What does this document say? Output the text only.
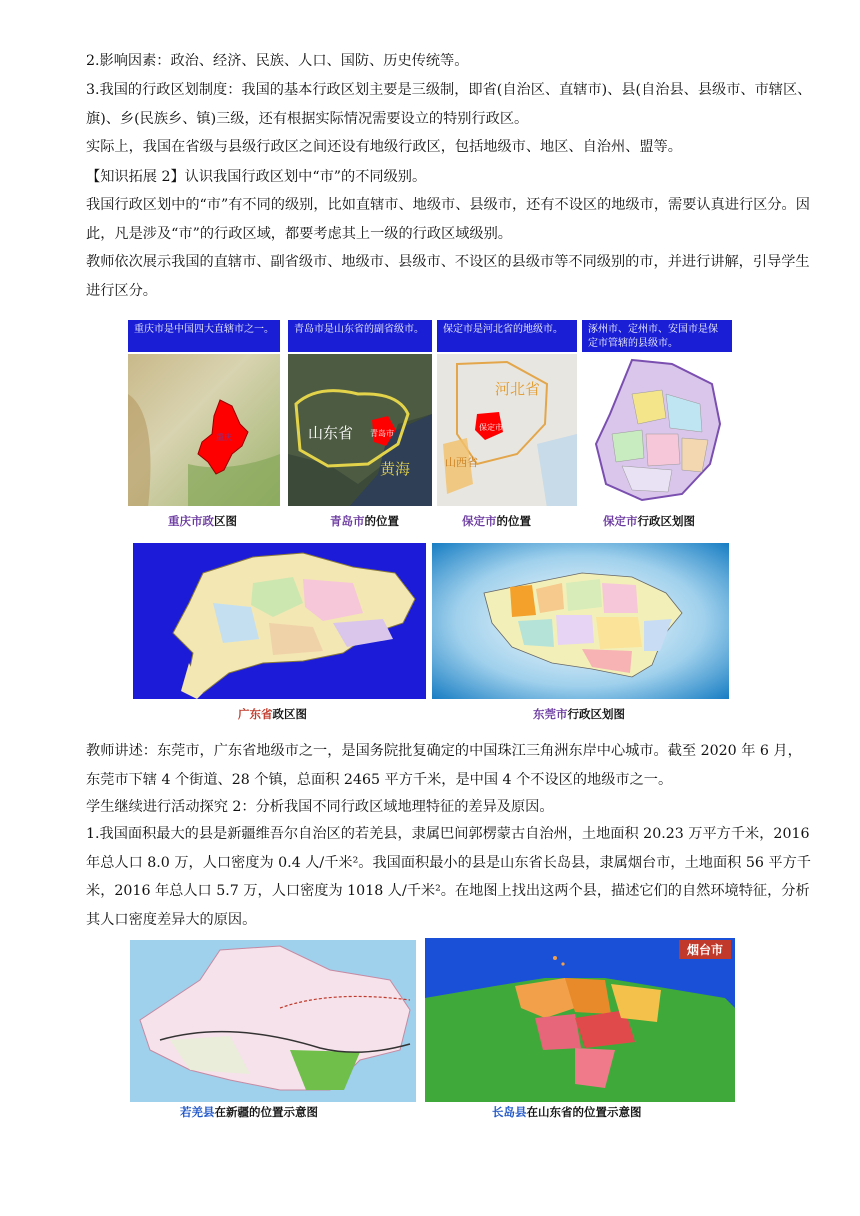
2.影响因素：政治、经济、民族、人口、国防、历史传统等。

3.我国的行政区划制度：我国的基本行政区划主要是三级制，即省(自治区、直辖市)、县(自治县、县级市、市辖区、旗)、乡(民族乡、镇)三级，还有根据实际情况需要设立的特别行政区。

实际上，我国在省级与县级行政区之间还设有地级行政区，包括地级市、地区、自治州、盟等。

【知识拓展 2】认识我国行政区划中“市”的不同级别。

我国行政区划中的“市”有不同的级别，比如直辖市、地级市、县级市，还有不设区的地级市，需要认真进行区分。因此，凡是涉及“市”的行政区域，都要考虑其上一级的行政区域级别。

教师依次展示我国的直辖市、副省级市、地级市、县级市、不设区的县级市等不同级别的市，并进行讲解，引导学生进行区分。

重庆市是中国四大直辖市之一。
重庆
青岛市是山东省的副省级市。
山东省 青岛市
黄海
保定市是河北省的地级市。
河北省
保定市
山西省
涿州市、定州市、安国市是保定市管辖的县级市。
重庆市政区图	青岛市的位置	保定市的位置	保定市行政区划图
广东省政区图	东莞市行政区划图

教师讲述：东莞市，广东省地级市之一，是国务院批复确定的中国珠江三角洲东岸中心城市。截至 2020 年 6 月，东莞市下辖 4 个街道、28 个镇，总面积 2465 平方千米，是中国 4 个不设区的地级市之一。

学生继续进行活动探究 2：分析我国不同行政区域地理特征的差异及原因。

1.我国面积最大的县是新疆维吾尔自治区的若羌县，隶属巴间郭楞蒙古自治州，土地面积 20.23 万平方千米，2016 年总人口 8.0 万，人口密度为 0.4 人/千米²。我国面积最小的县是山东省长岛县，隶属烟台市，土地面积 56 平方千米，2016 年总人口 5.7 万，人口密度为 1018 人/千米²。在地图上找出这两个县，描述它们的自然环境特征，分析其人口密度差异大的原因。

烟台市
若羌县在新疆的位置示意图	长岛县在山东省的位置示意图
